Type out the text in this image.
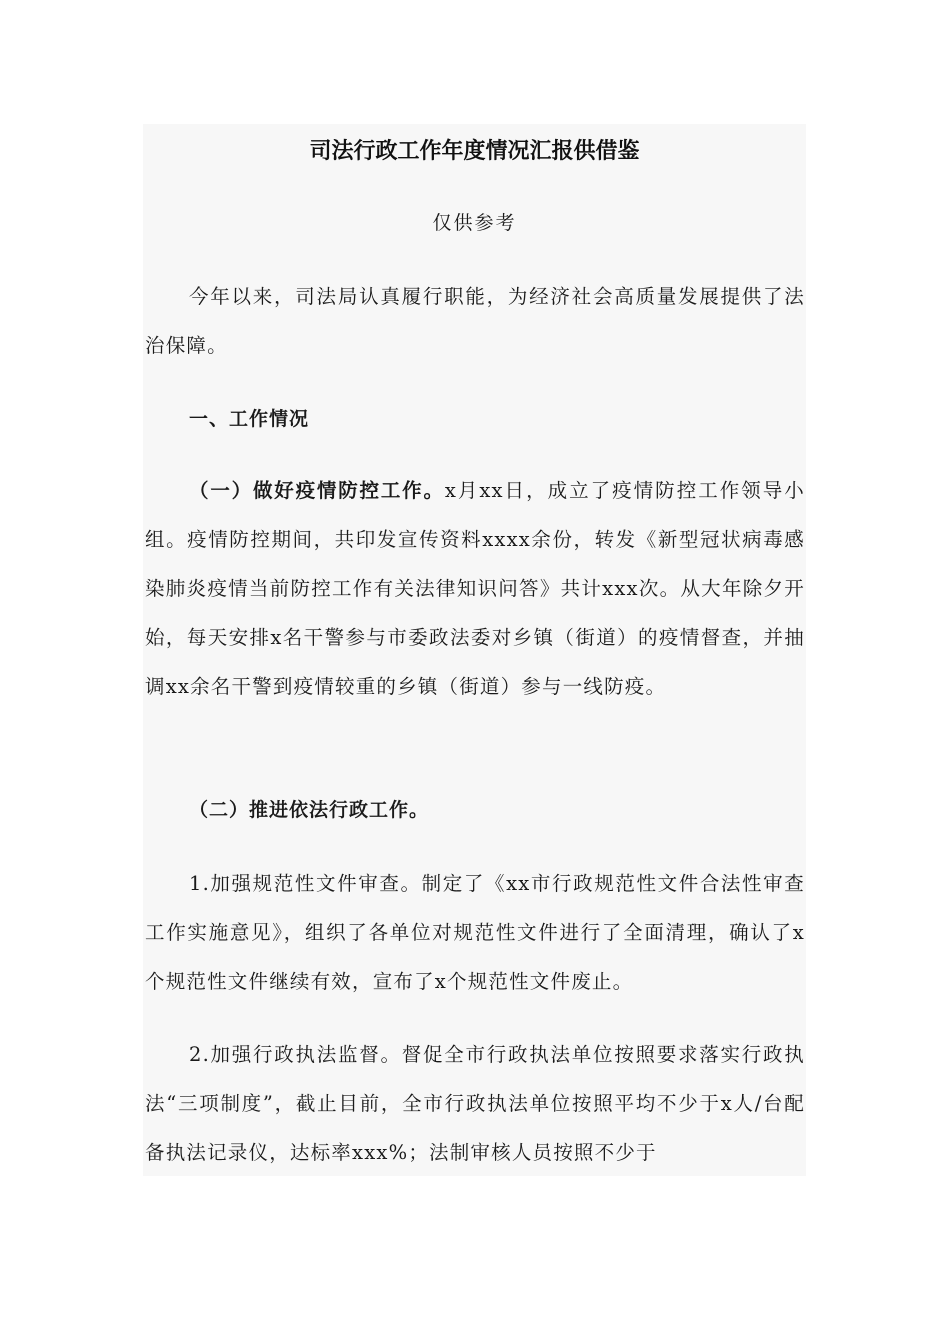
司法行政工作年度情况汇报供借鉴

仅供参考

今年以来，司法局认真履行职能，为经济社会高质量发展提供了法治保障。

一、工作情况

（一）做好疫情防控工作。x月xx日，成立了疫情防控工作领导小组。疫情防控期间，共印发宣传资料xxxx余份，转发《新型冠状病毒感染肺炎疫情当前防控工作有关法律知识问答》共计xxx次。从大年除夕开始，每天安排x名干警参与市委政法委对乡镇（街道）的疫情督查，并抽调xx余名干警到疫情较重的乡镇（街道）参与一线防疫。

（二）推进依法行政工作。

1.加强规范性文件审查。制定了《xx市行政规范性文件合法性审查工作实施意见》，组织了各单位对规范性文件进行了全面清理，确认了x个规范性文件继续有效，宣布了x个规范性文件废止。

2.加强行政执法监督。督促全市行政执法单位按照要求落实行政执法“三项制度”，截止目前，全市行政执法单位按照平均不少于x人/台配备执法记录仪，达标率xxx%；法制审核人员按照不少于
